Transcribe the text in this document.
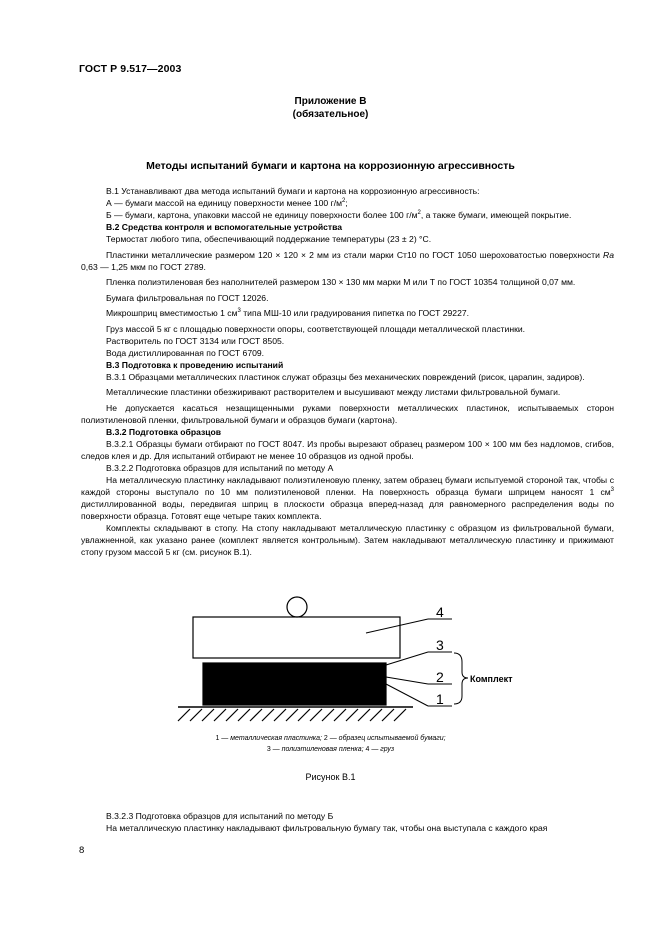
ГОСТ Р 9.517—2003
Приложение В
(обязательное)
Методы испытаний бумаги и картона на коррозионную агрессивность

В.1 Устанавливают два метода испытаний бумаги и картона на коррозионную агрессивность:

А — бумаги массой на единицу поверхности менее 100 $г/м^2$;

Б — бумаги, картона, упаковки массой не единицу поверхности более 100 $г/м^2$, а также бумаги, имеющей покрытие.

В.2 Средства контроля и вспомогательные устройства

Термостат любого типа, обеспечивающий поддержание температуры (23 ± 2) °С.

Пластинки металлические размером 120 × 120 × 2 мм из стали марки Ст10 по ГОСТ 1050 шероховатостью поверхности Ra 0,63 — 1,25 мкм по ГОСТ 2789.

Пленка полиэтиленовая без наполнителей размером 130 × 130 мм марки М или Т по ГОСТ 10354 толщиной 0,07 мм.

Бумага фильтровальная по ГОСТ 12026.

Микрошприц вместимостью 1 $см^3$ типа МШ-10 или градуирования пипетка по ГОСТ 29227.

Груз массой 5 кг с площадью поверхности опоры, соответствующей площади металлической пластинки.

Растворитель по ГОСТ 3134 или ГОСТ 8505.

Вода дистиллированная по ГОСТ 6709.

В.3 Подготовка к проведению испытаний

В.3.1 Образцами металлических пластинок служат образцы без механических повреждений (рисок, царапин, задиров).

Металлические пластинки обезжиривают растворителем и высушивают между листами фильтровальной бумаги.

Не допускается касаться незащищенными руками поверхности металлических пластинок, испытываемых сторон полиэтиленовой пленки, фильтровальной бумаги и образцов бумаги (картона).

В.3.2 Подготовка образцов

В.3.2.1 Образцы бумаги отбирают по ГОСТ 8047. Из пробы вырезают образец размером 100 × 100 мм без надломов, сгибов, следов клея и др. Для испытаний отбирают не менее 10 образцов из одной пробы.

В.3.2.2 Подготовка образцов для испытаний по методу А

На металлическую пластинку накладывают полиэтиленовую пленку, затем образец бумаги испытуемой стороной так, чтобы с каждой стороны выступало по 10 мм полиэтиленовой пленки. На поверхность образца бумаги шприцем наносят 1 $см^3$ дистиллированной воды, передвигая шприц в плоскости образца вперед-назад для равномерного распределения воды по поверхности образца. Готовят еще четыре таких комплекта.

Комплекты складывают в стопу. На стопу накладывают металлическую пластинку с образцом из фильтровальной бумаги, увлажненной, как указано ранее (комплект является контрольным). Затем накладывают металлическую пластинку и прижимают стопу грузом массой 5 кг (см. рисунок В.1).

4
3
2
1
Комплект
1 — металлическая пластинка; 2 — образец испытываемой бумаги;
3 — полиэтиленовая пленка; 4 — груз
Рисунок В.1

В.3.2.3 Подготовка образцов для испытаний по методу Б

На металлическую пластинку накладывают фильтровальную бумагу так, чтобы она выступала с каждого края

8
